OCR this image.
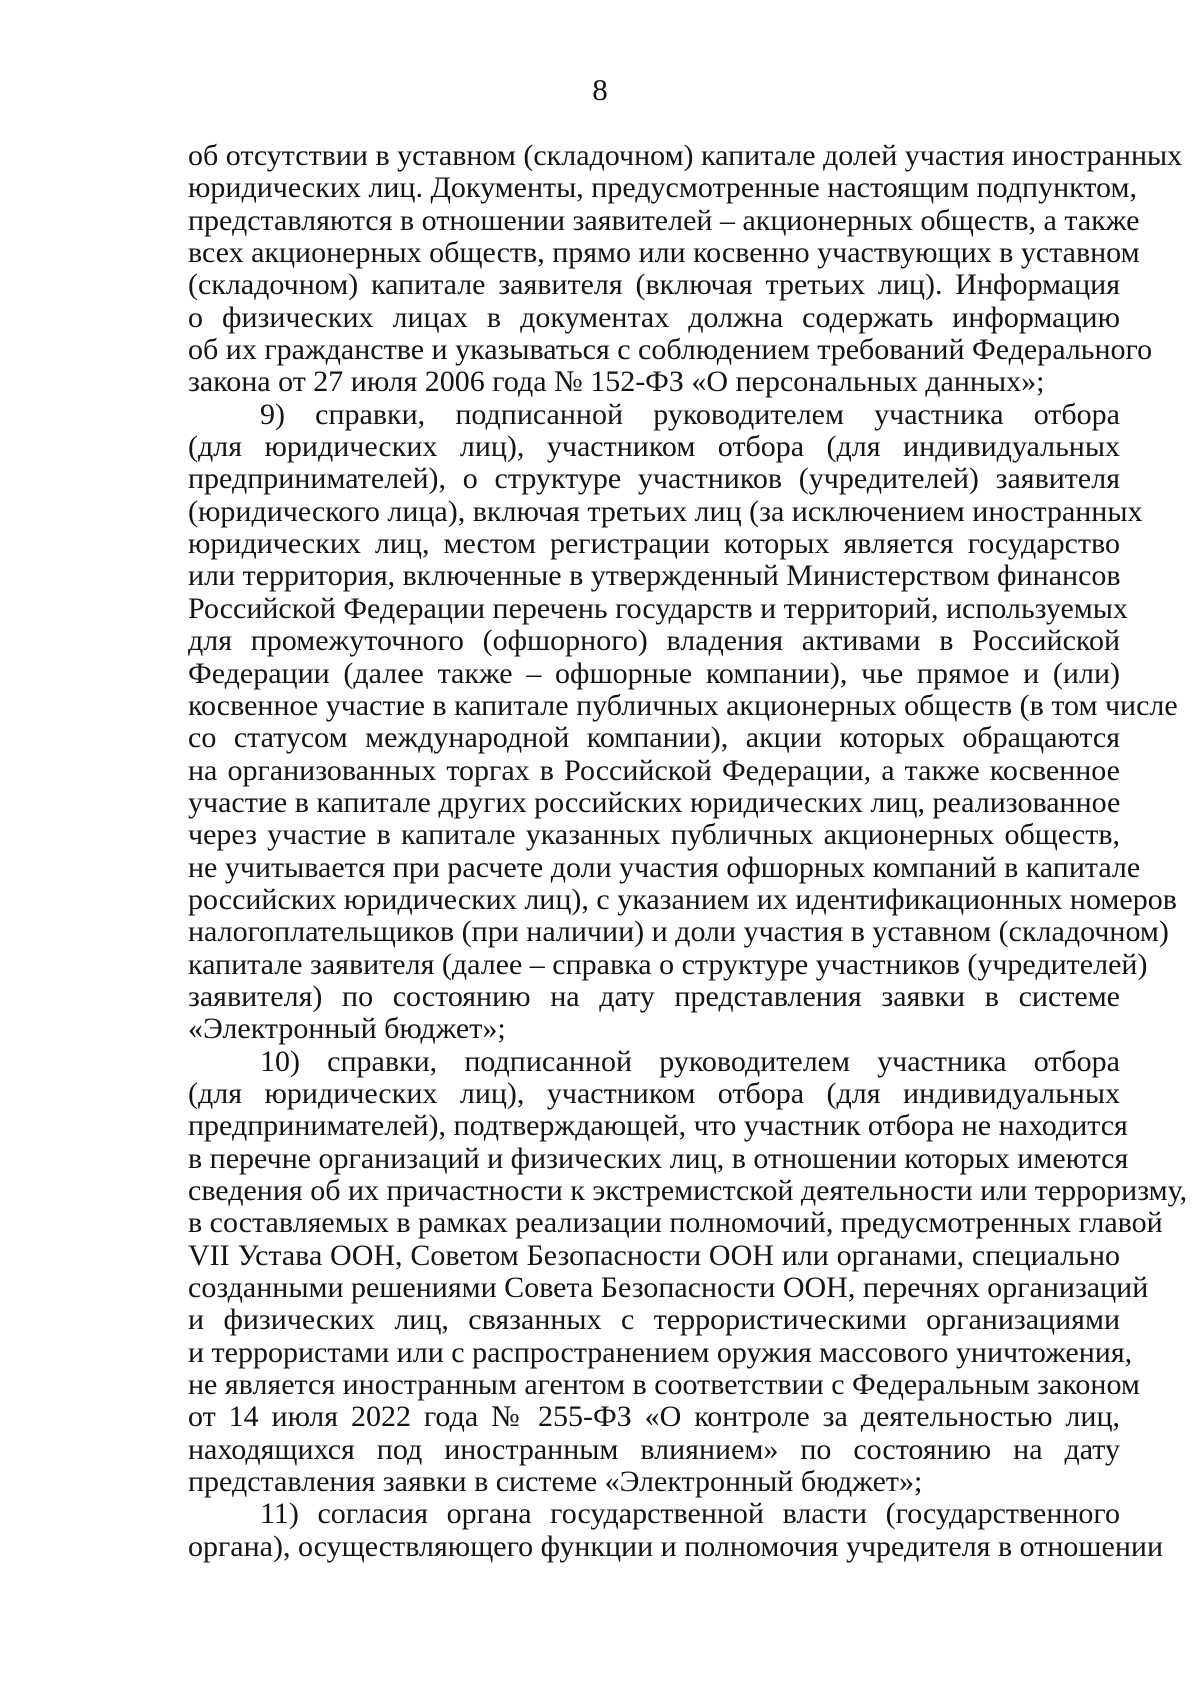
8
об отсутствии в уставном (складочном) капитале долей участия иностранных
юридических лиц. Документы, предусмотренные настоящим подпунктом,
представляются в отношении заявителей – акционерных обществ, а также
всех акционерных обществ, прямо или косвенно участвующих в уставном
(складочном) капитале заявителя (включая третьих лиц). Информация
о физических лицах в документах должна содержать информацию
об их гражданстве и указываться с соблюдением требований Федерального
закона от 27 июля 2006 года № 152-ФЗ «О персональных данных»;
9) справки, подписанной руководителем участника отбора
(для юридических лиц), участником отбора (для индивидуальных
предпринимателей), о структуре участников (учредителей) заявителя
(юридического лица), включая третьих лиц (за исключением иностранных
юридических лиц, местом регистрации которых является государство
или территория, включенные в утвержденный Министерством финансов
Российской Федерации перечень государств и территорий, используемых
для промежуточного (офшорного) владения активами в Российской
Федерации (далее также – офшорные компании), чье прямое и (или)
косвенное участие в капитале публичных акционерных обществ (в том числе
со статусом международной компании), акции которых обращаются
на организованных торгах в Российской Федерации, а также косвенное
участие в капитале других российских юридических лиц, реализованное
через участие в капитале указанных публичных акционерных обществ,
не учитывается при расчете доли участия офшорных компаний в капитале
российских юридических лиц), с указанием их идентификационных номеров
налогоплательщиков (при наличии) и доли участия в уставном (складочном)
капитале заявителя (далее – справка о структуре участников (учредителей)
заявителя) по состоянию на дату представления заявки в системе
«Электронный бюджет»;
10) справки, подписанной руководителем участника отбора
(для юридических лиц), участником отбора (для индивидуальных
предпринимателей), подтверждающей, что участник отбора не находится
в перечне организаций и физических лиц, в отношении которых имеются
сведения об их причастности к экстремистской деятельности или терроризму,
в составляемых в рамках реализации полномочий, предусмотренных главой
VII Устава ООН, Советом Безопасности ООН или органами, специально
созданными решениями Совета Безопасности ООН, перечнях организаций
и физических лиц, связанных с террористическими организациями
и террористами или с распространением оружия массового уничтожения,
не является иностранным агентом в соответствии с Федеральным законом
от 14 июля 2022 года № 255-ФЗ «О контроле за деятельностью лиц,
находящихся под иностранным влиянием» по состоянию на дату
представления заявки в системе «Электронный бюджет»;
11) согласия органа государственной власти (государственного
органа), осуществляющего функции и полномочия учредителя в отношении
